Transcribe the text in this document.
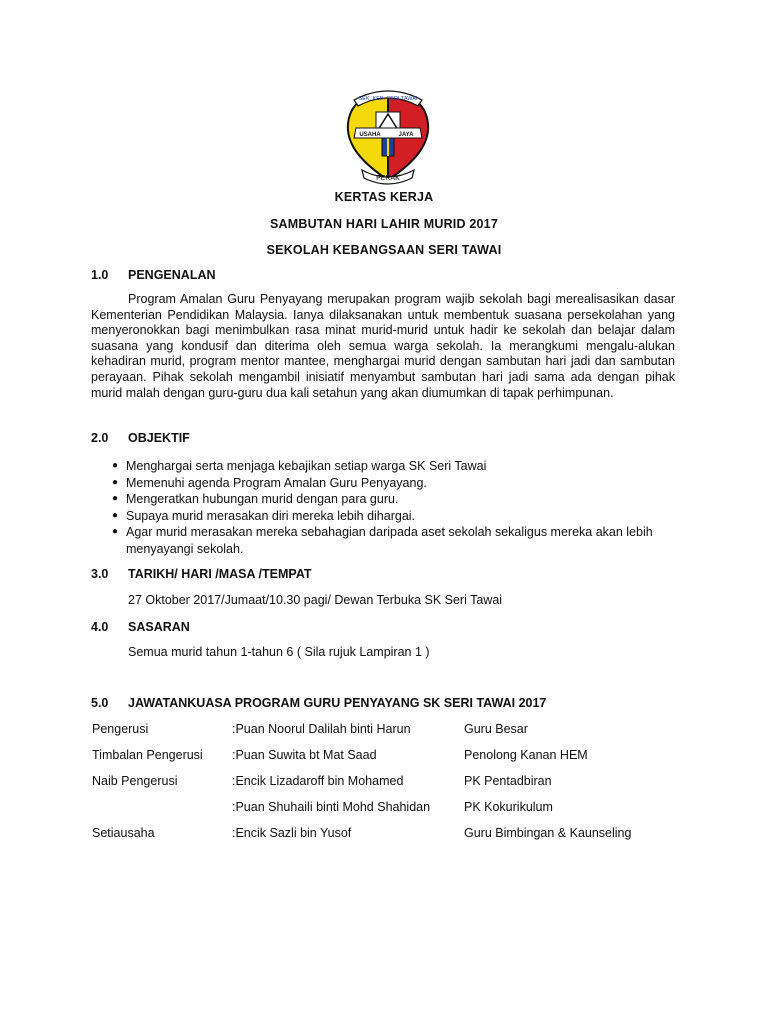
SEK. KEB. SERI TAWAI
USAHA	JAYA
PERAK
KERTAS KERJA
SAMBUTAN HARI LAHIR MURID 2017
SEKOLAH KEBANGSAAN SERI TAWAI
1.0 PENGENALAN

Program Amalan Guru Penyayang merupakan program wajib sekolah bagi merealisasikan dasar Kementerian Pendidikan Malaysia. Ianya dilaksanakan untuk membentuk suasana persekolahan yang menyeronokkan bagi menimbulkan rasa minat murid-murid untuk hadir ke sekolah dan belajar dalam suasana yang kondusif dan diterima oleh semua warga sekolah. Ia merangkumi mengalu-alukan kehadiran murid, program mentor mantee, menghargai murid dengan sambutan hari jadi dan sambutan perayaan. Pihak sekolah mengambil inisiatif menyambut sambutan hari jadi sama ada dengan pihak murid malah dengan guru-guru dua kali setahun yang akan diumumkan di tapak perhimpunan.

2.0 OBJEKTIF
● Menghargai serta menjaga kebajikan setiap warga SK Seri Tawai
● Memenuhi agenda Program Amalan Guru Penyayang.
● Mengeratkan hubungan murid dengan para guru.
● Supaya murid merasakan diri mereka lebih dihargai.
● Agar murid merasakan mereka sebahagian daripada aset sekolah sekaligus mereka akan lebih menyayangi sekolah.
3.0 TARIKH/ HARI /MASA /TEMPAT
27 Oktober 2017/Jumaat/10.30 pagi/ Dewan Terbuka SK Seri Tawai
4.0 SASARAN
Semua murid tahun 1-tahun 6 ( Sila rujuk Lampiran 1 )
5.0 JAWATANKUASA PROGRAM GURU PENYAYANG SK SERI TAWAI 2017
Pengerusi	:Puan Noorul Dalilah binti Harun	Guru Besar
Timbalan Pengerusi :Puan Suwita bt Mat Saad	Penolong Kanan HEM
Naib Pengerusi	:Encik Lizadaroff bin Mohamed	PK Pentadbiran
:Puan Shuhaili binti Mohd Shahidan	PK Kokurikulum
Setiausaha	:Encik Sazli bin Yusof	Guru Bimbingan & Kaunseling
